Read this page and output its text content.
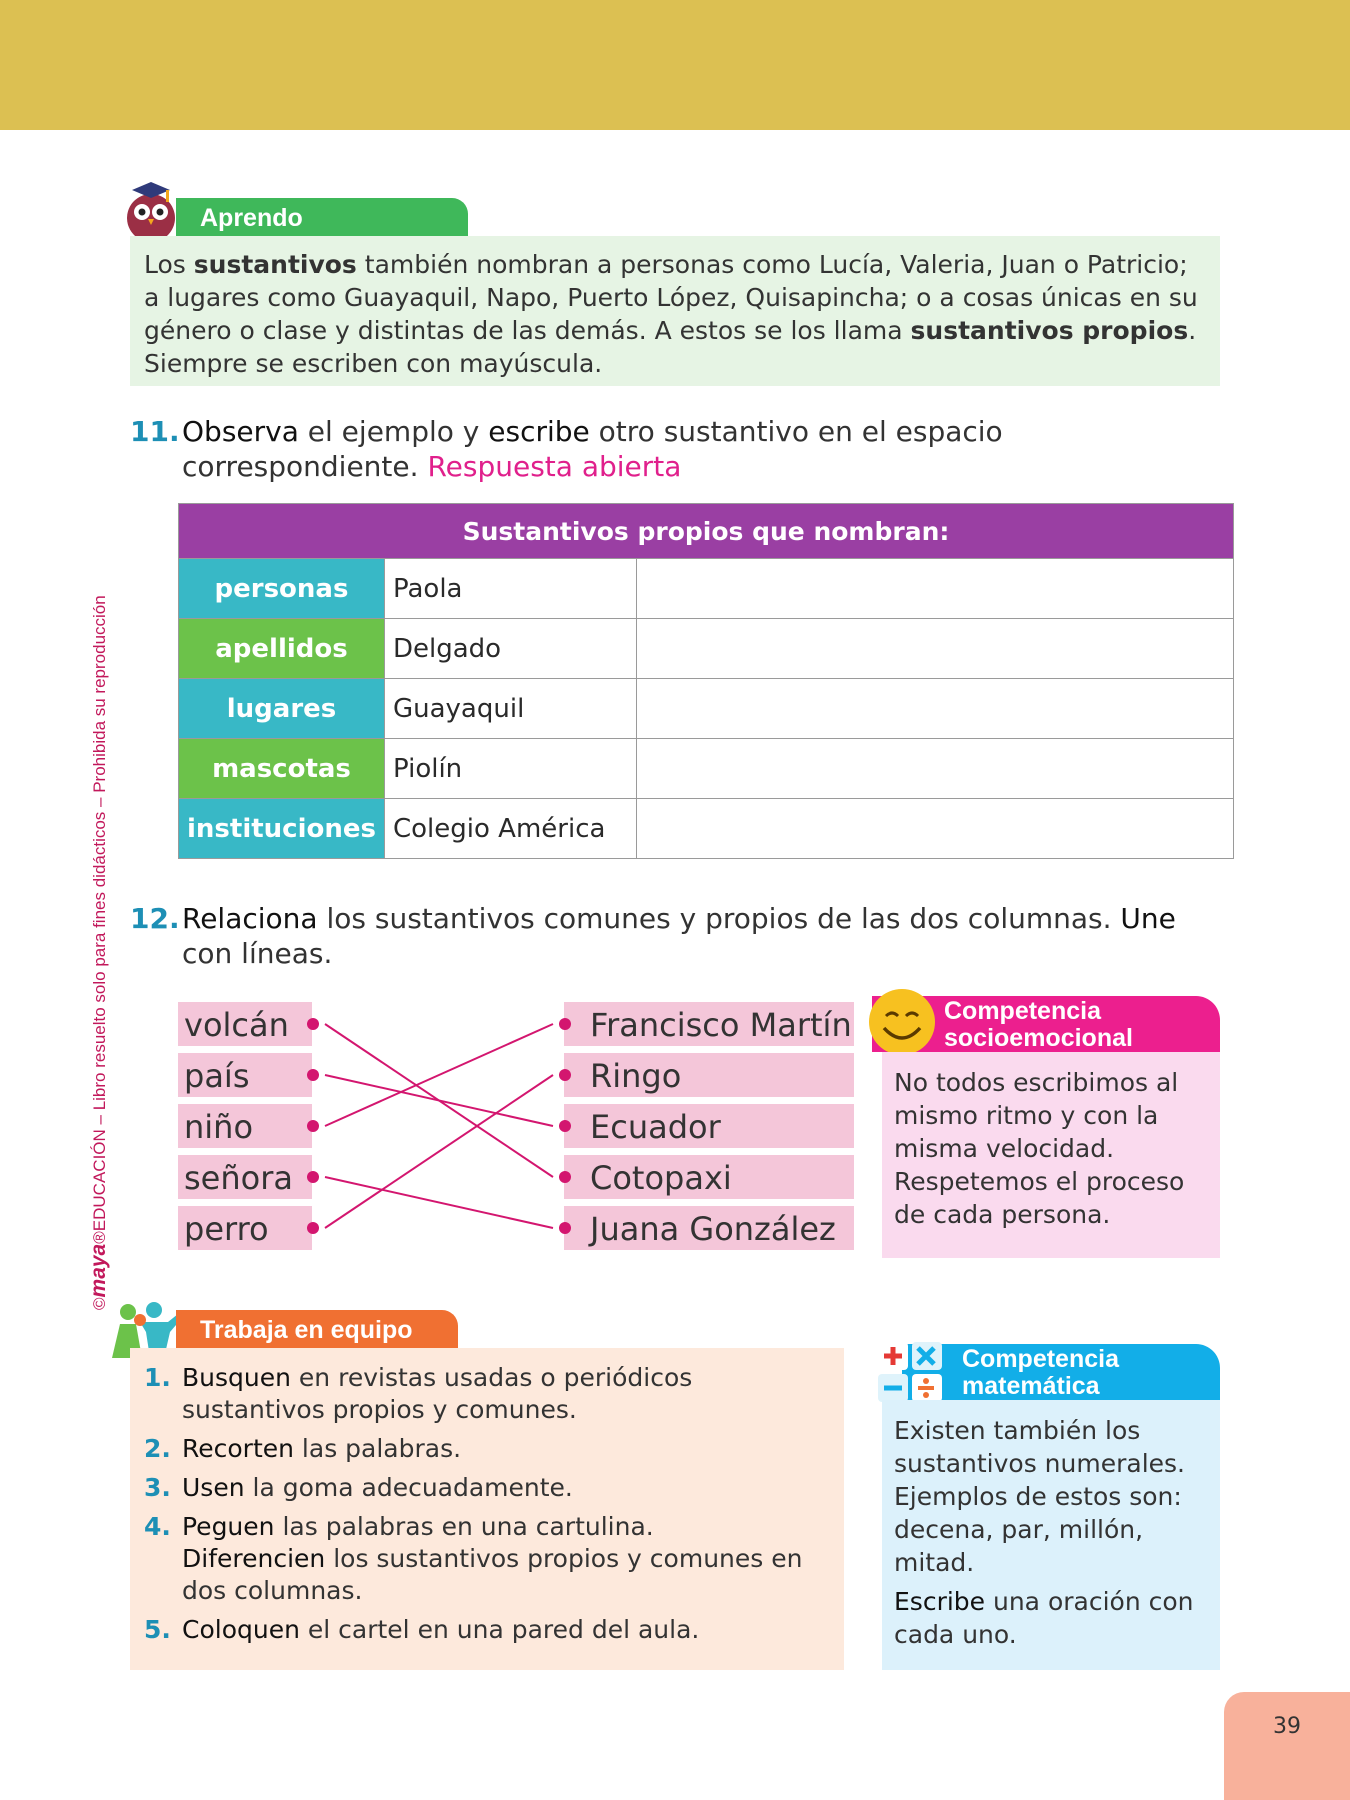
©maya®EDUCACIÓN – Libro resuelto solo para fines didácticos – Prohibida su reproducción
Aprendo
Los sustantivos también nombran a personas como Lucía, Valeria, Juan o Patricio; a lugares como Guayaquil, Napo, Puerto López, Quisapincha; o a cosas únicas en su género o clase y distintas de las demás. A estos se los llama sustantivos propios. Siempre se escriben con mayúscula.
11. Observa el ejemplo y escribe otro sustantivo en el espacio correspondiente. Respuesta abierta
Sustantivos propios que nombran:		
personas	Paola	
apellidos	Delgado	
lugares	Guayaquil	
mascotas	Piolín	
instituciones	Colegio América	
12. Relaciona los sustantivos comunes y propios de las dos columnas. Une con líneas.
volcán
país
niño
señora
perro
Francisco Martín
Ringo
Ecuador
Cotopaxi
Juana González
Competencia socioemocional
No todos escribimos al mismo ritmo y con la misma velocidad. Respetemos el proceso de cada persona.
Trabaja en equipo
1. Busquen en revistas usadas o periódicos sustantivos propios y comunes.
2. Recorten las palabras.
3. Usen la goma adecuadamente.
4. Peguen las palabras en una cartulina.
Diferencien los sustantivos propios y comunes en dos columnas.
5. Coloquen el cartel en una pared del aula.
Competencia matemática
Existen también los sustantivos numerales. Ejemplos de estos son: decena, par, millón, mitad.
Escribe una oración con cada uno.
39
